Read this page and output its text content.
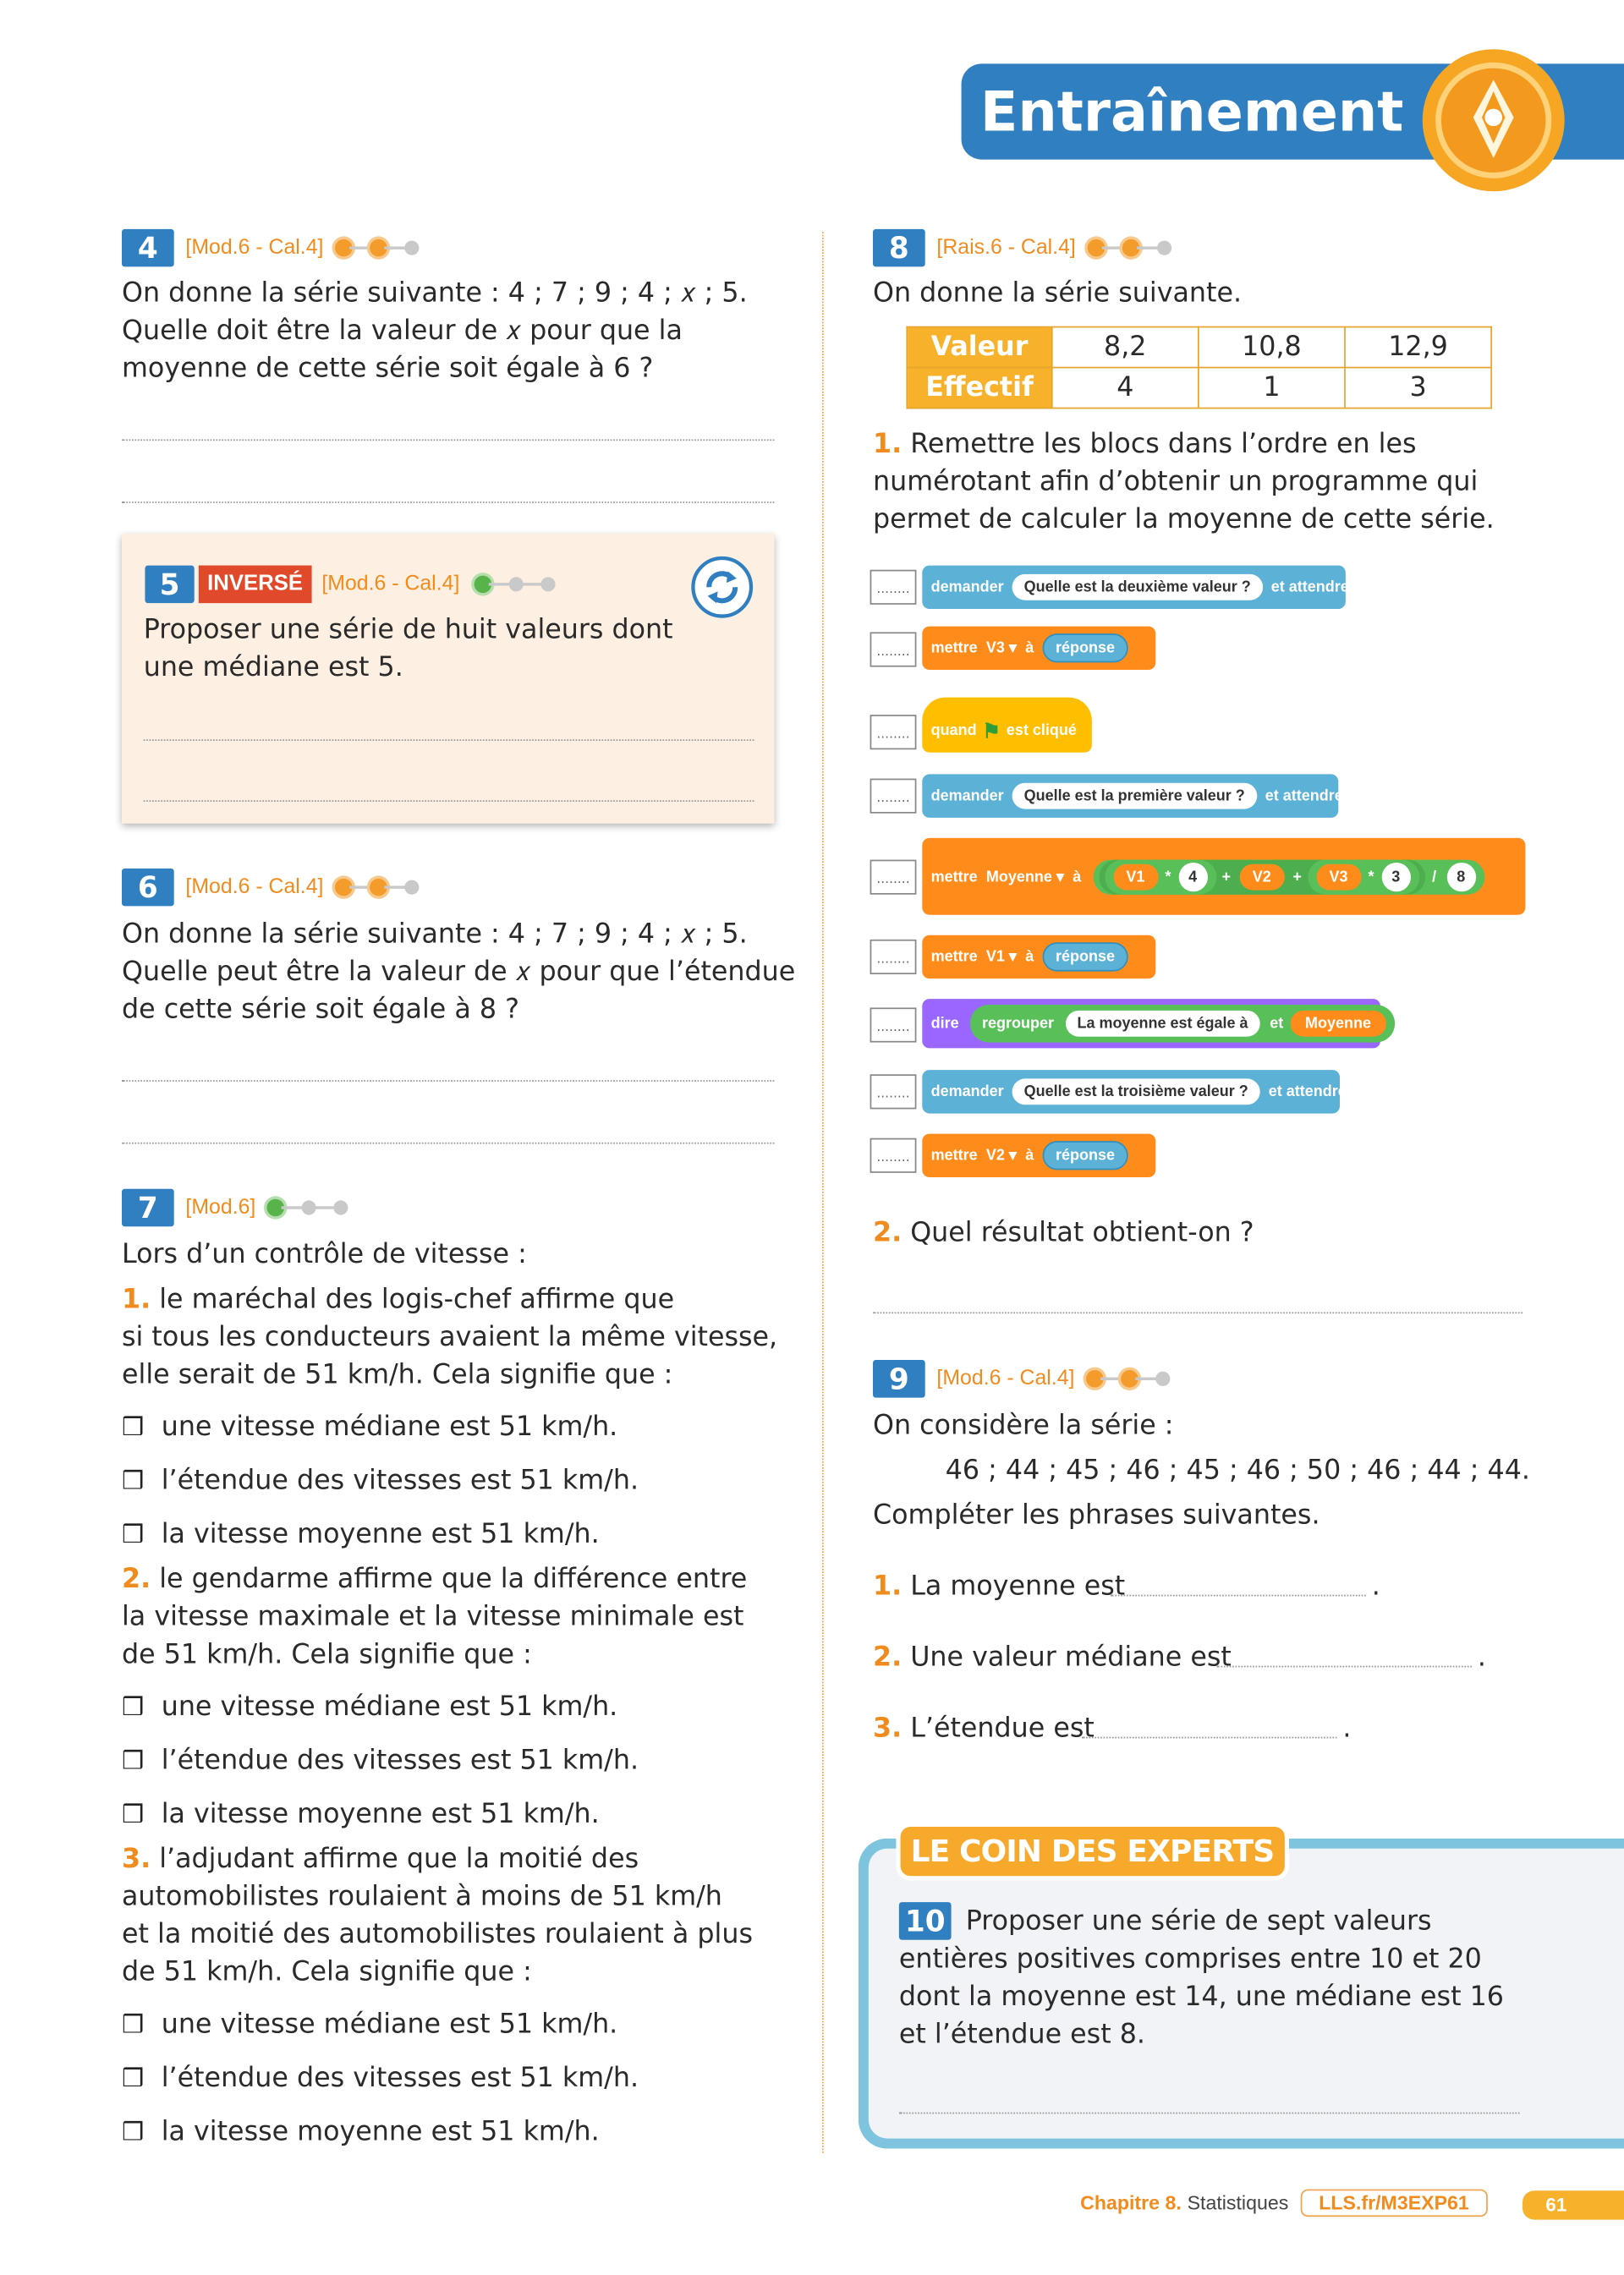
Entraînement
4	[Mod.6 - Cal.4]
On donne la série suivante : 4 ; 7 ; 9 ; 4 ; 𝑥 ; 5.
Quelle doit être la valeur de 𝑥 pour que la
moyenne de cette série soit égale à 6 ?
5	INVERSÉ	[Mod.6 - Cal.4]
Proposer une série de huit valeurs dont
une médiane est 5.
6	[Mod.6 - Cal.4]
On donne la série suivante : 4 ; 7 ; 9 ; 4 ; 𝑥 ; 5.
Quelle peut être la valeur de 𝑥 pour que l’étendue
de cette série soit égale à 8 ?
7	[Mod.6]
Lors d’un contrôle de vitesse :
1. le maréchal des logis-chef affirme que
si tous les conducteurs avaient la même vitesse,
elle serait de 51 km/h. Cela signifie que :
❒ une vitesse médiane est 51 km/h.
❒ l’étendue des vitesses est 51 km/h.
❒ la vitesse moyenne est 51 km/h.
2. le gendarme affirme que la différence entre
la vitesse maximale et la vitesse minimale est
de 51 km/h. Cela signifie que :
❒ une vitesse médiane est 51 km/h.
❒ l’étendue des vitesses est 51 km/h.
❒ la vitesse moyenne est 51 km/h.
3. l’adjudant affirme que la moitié des
automobilistes roulaient à moins de 51 km/h
et la moitié des automobilistes roulaient à plus
de 51 km/h. Cela signifie que :
❒ une vitesse médiane est 51 km/h.
❒ l’étendue des vitesses est 51 km/h.
❒ la vitesse moyenne est 51 km/h.
8	[Rais.6 - Cal.4]
On donne la série suivante.
Valeur	8,2	10,8	12,9
Effectif	4	1	3
1. Remettre les blocs dans l’ordre en les
numérotant afin d’obtenir un programme qui
permet de calculer la moyenne de cette série.
........	demander	Quelle est la deuxième valeur ?	et attendre
........	mettre V3 ▾ à	réponse
........	quand ⚑ est cliqué
........	demander	Quelle est la première valeur ?	et attendre
........	mettre Moyenne ▾ à	V1	*	4	+	V2	+	V3	*	3	/	8
........	mettre V1 ▾ à	réponse
........	dire	regrouper	La moyenne est égale à	et	Moyenne
........	demander	Quelle est la troisième valeur ?	et attendre
........	mettre V2 ▾ à	réponse
2. Quel résultat obtient-on ?
9	[Mod.6 - Cal.4]
On considère la série :
46 ; 44 ; 45 ; 46 ; 45 ; 46 ; 50 ; 46 ; 44 ; 44.
Compléter les phrases suivantes.
1. La moyenne est	.
2. Une valeur médiane est	.
3. L’étendue est	.
LE COIN DES EXPERTS
10	Proposer une série de sept valeurs
entières positives comprises entre 10 et 20
dont la moyenne est 14, une médiane est 16
et l’étendue est 8.
Chapitre 8. Statistiques	LLS.fr/M3EXP61	61
